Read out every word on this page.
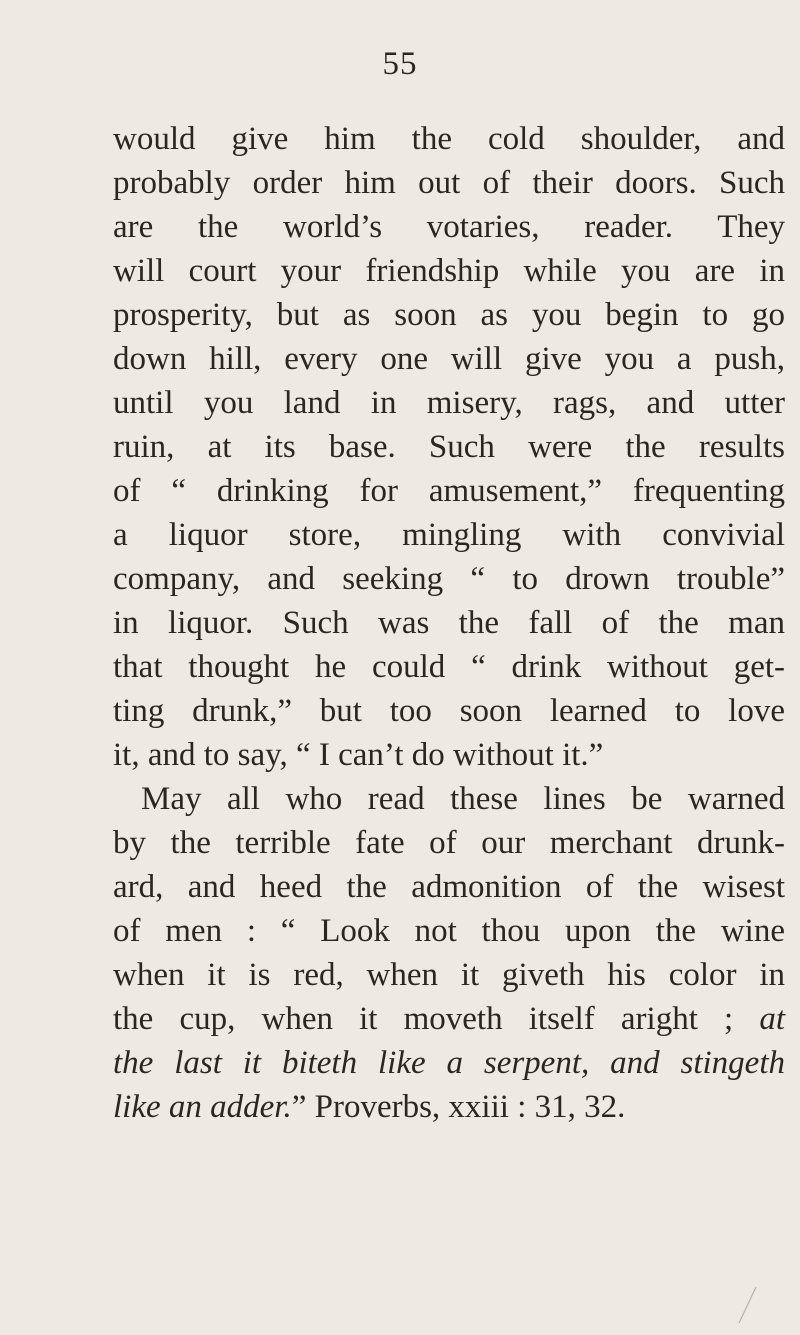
55
would give him the cold shoulder, and
probably order him out of their doors. Such
are the world’s votaries, reader. They
will court your friendship while you are in
prosperity, but as soon as you begin to go
down hill, every one will give you a push,
until you land in misery, rags, and utter
ruin, at its base. Such were the results
of “ drinking for amusement,” frequenting
a liquor store, mingling with convivial
company, and seeking “ to drown trouble”
in liquor. Such was the fall of the man
that thought he could “ drink without get-
ting drunk,” but too soon learned to love
it, and to say, “ I can’t do without it.”
May all who read these lines be warned
by the terrible fate of our merchant drunk-
ard, and heed the admonition of the wisest
of men : “ Look not thou upon the wine
when it is red, when it giveth his color in
the cup, when it moveth itself aright ; at
the last it biteth like a serpent, and stingeth
like an adder.” Proverbs, xxiii : 31, 32.
